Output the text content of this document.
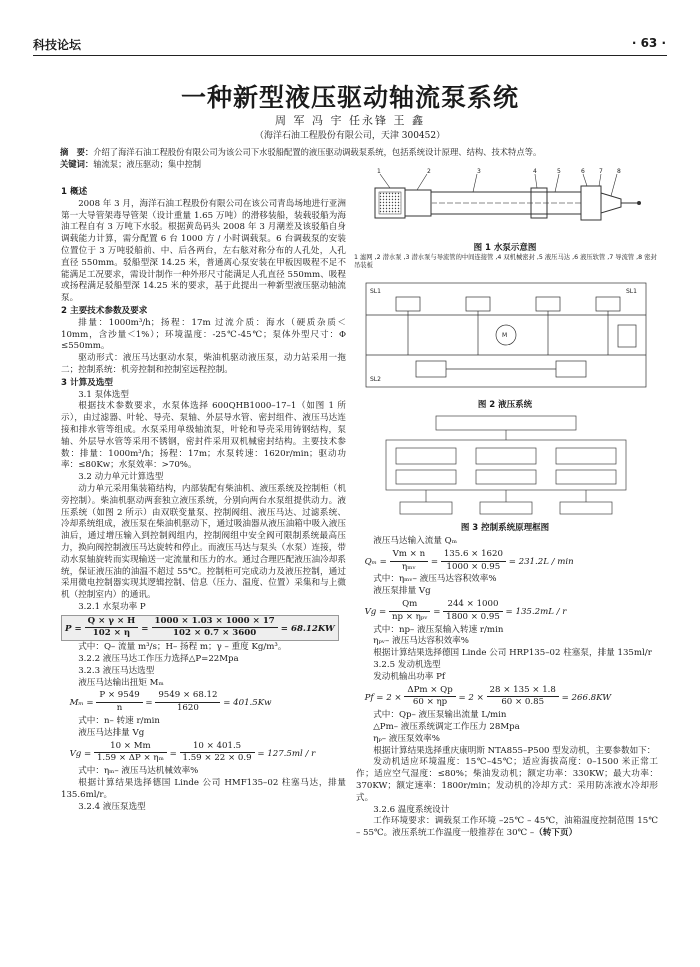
科技论坛	· 63 ·
一种新型液压驱动轴流泵系统
周 军 冯 宇 任永锋 王 鑫
（海洋石油工程股份有限公司，天津 300452）
摘　要：介绍了海洋石油工程股份有限公司为该公司下水驳船配置的液压驱动调载泵系统，包括系统设计原理、结构、技术特点等。
关键词：轴流泵；液压驱动；集中控制

1 概述

2008 年 3 月，海洋石油工程股份有限公司在该公司青岛场地进行亚洲第一大导管架毒导管架（设计重量 1.65 万吨）的滑移装船，装载驳船为海油工程自有 3 万吨下水驳。根据黄岛码头 2008 年 3 月潮差及该驳船自身调载能力计算，需分配置 6 台 1000 方 / 小时调载泵。6 台调载泵的安装位置位于 3 万吨驳船前、中、后各两台，左右舷对称分布的人孔处，人孔直径 550mm。驳船型深 14.25 米，普通离心泵安装在甲板因吸程不足不能满足工况要求，需设计制作一种外形尺寸能满足人孔直径 550mm、吸程或扬程满足驳船型深 14.25 米的要求，基于此提出一种新型液压驱动轴流泵。

2 主要技术参数及要求

排量：1000m³/h；扬程：17m 过流介质：海水（硬质杂质＜10mm，含沙量＜1%）；环境温度：-25℃-45℃；泵体外型尺寸：Φ ≤550mm。

驱动形式：液压马达驱动水泵，柴油机驱动液压泵，动力站采用一拖二；控制系统：机旁控制和控制室远程控制。

3 计算及选型

3.1 泵体选型

根据技术参数要求，水泵体选择 600QHB1000–17–1（如图 1 所示），由过滤器、叶轮、导壳、泵轴、外层导水管、密封组件、液压马达连接和排水管等组成。水泵采用单级轴流泵，叶轮和导壳采用铸钢结构，泵轴、外层导水管等采用不锈钢，密封件采用双机械密封结构。主要技术参数：排量：1000m³/h；扬程：17m；水泵转速：1620r/min；驱动功率：≤80Kw；水泵效率：>70%。

3.2 动力单元计算选型

动力单元采用集装箱结构，内部装配有柴油机、液压系统及控制柜（机旁控制）。柴油机驱动两套独立液压系统，分别向两台水泵组提供动力。液压系统（如图 2 所示）由双联变量泵、控制阀组、液压马达、过滤系统、冷却系统组成，液压泵在柴油机驱动下，通过吸油器从液压油箱中吸入液压油后，通过增压输入到控制阀组内，控制阀组中安全阀可限制系统最高压力，换向阀控制液压马达旋转和停止。而液压马达与泵头（水泵）连接，带动水泵轴旋转而实现输送一定流量和压力的水。通过合理匹配液压油冷却系统，保证液压油的油温不超过 55℃。控制柜可完成动力及液压控制，通过采用微电控制器实现其逻辑控制、信息（压力、温度、位置）采集和与上微机（控制室内）的通讯。

3.2.1 水泵功率 P

$P = \frac{Q \times \gamma \times H}{102 \times \eta} = \frac{1000 \times 1.03 \times 1000 \times 17}{102 \times 0.7 \times 3600} = 68.12KW$

式中：Q– 流量 m³/s；H– 扬程 m；γ – 重度 Kg/m³。

3.2.2 液压马达工作压力选择△P=22Mpa

3.2.3 液压马达选型

液压马达输出扭矩 Mₘ

$M_m = \frac{P \times 9549}{n} = \frac{9549 \times 68.12}{1620} = 401.5Kw$

式中：n– 转速 r/min

液压马达排量 Vg

$Vg = \frac{10 \times Mm}{\text{1.59 × ΔP × ηₘ}} = \frac{10 \times 401.5}{1.59 \times 22 \times 0.9} = 127.5ml / r$

式中：ηₘ– 液压马达机械效率%

根据计算结果选择德国 Linde 公司 HMF135–02 柱塞马达，排量 135.6ml/r。

3.2.4 液压泵选型

1	2	3	4	5	6 7 8
图 1 水泵示意图
1 滤网 ,2 潜水泵 ,3 潜水泵与导流管的中间连接管 ,4 双机械密封 ,5 液压马达 ,6 液压软管 ,7 导流管 ,8 密封吊装板
SL1
SL2
M
SL1
图 2 液压系统
图 3 控制系统原理框图

液压马达输入流量 Qₘ

$Q_m = \frac{Vm \times n}{\text{ηₘᵥ}} = \frac{135.6 \times 1620}{1000 \times 0.95} = 231.2L / \min$

式中：ηₘᵥ– 液压马达容积效率%

液压泵排量 Vg

$Vg = \frac{Qm}{\text{np × ηₚᵥ}} = \frac{244 \times 1000}{1800 \times 0.95} = 135.2mL / r$

式中：np– 液压泵输入转速 r/min

ηₚᵥ– 液压马达容积效率%

根据计算结果选择德国 Linde 公司 HRP135–02 柱塞泵，排量 135ml/r

3.2.5 发动机选型

发动机输出功率 Pf

$Pf = 2 \times \frac{\text{ΔPm × Qp}}{60 \times \eta p} = 2 \times \frac{28 \times 135 \times 1.8}{60 \times 0.85} = 266.8KW$

式中：Qp– 液压泵输出流量 L/min

△Pm– 液压系统调定工作压力 28Mpa

ηₚ– 液压泵效率%

根据计算结果选择重庆康明斯 NTA855–P500 型发动机，主要参数如下：

发动机适应环境温度：15℃–45℃；适应海拔高度：0–1500 米正常工作；适应空气湿度：≤80%；柴油发动机；额定功率：330KW；最大功率：370KW；额定速率：1800r/min；发动机的冷却方式：采用防冻液水冷却形式。

3.2.6 温度系统设计

工作环境要求：调载泵工作环境 –25℃ – 45℃，油箱温度控制范围 15℃ – 55℃。液压系统工作温度一般推荐在 30℃ –（转下页）
